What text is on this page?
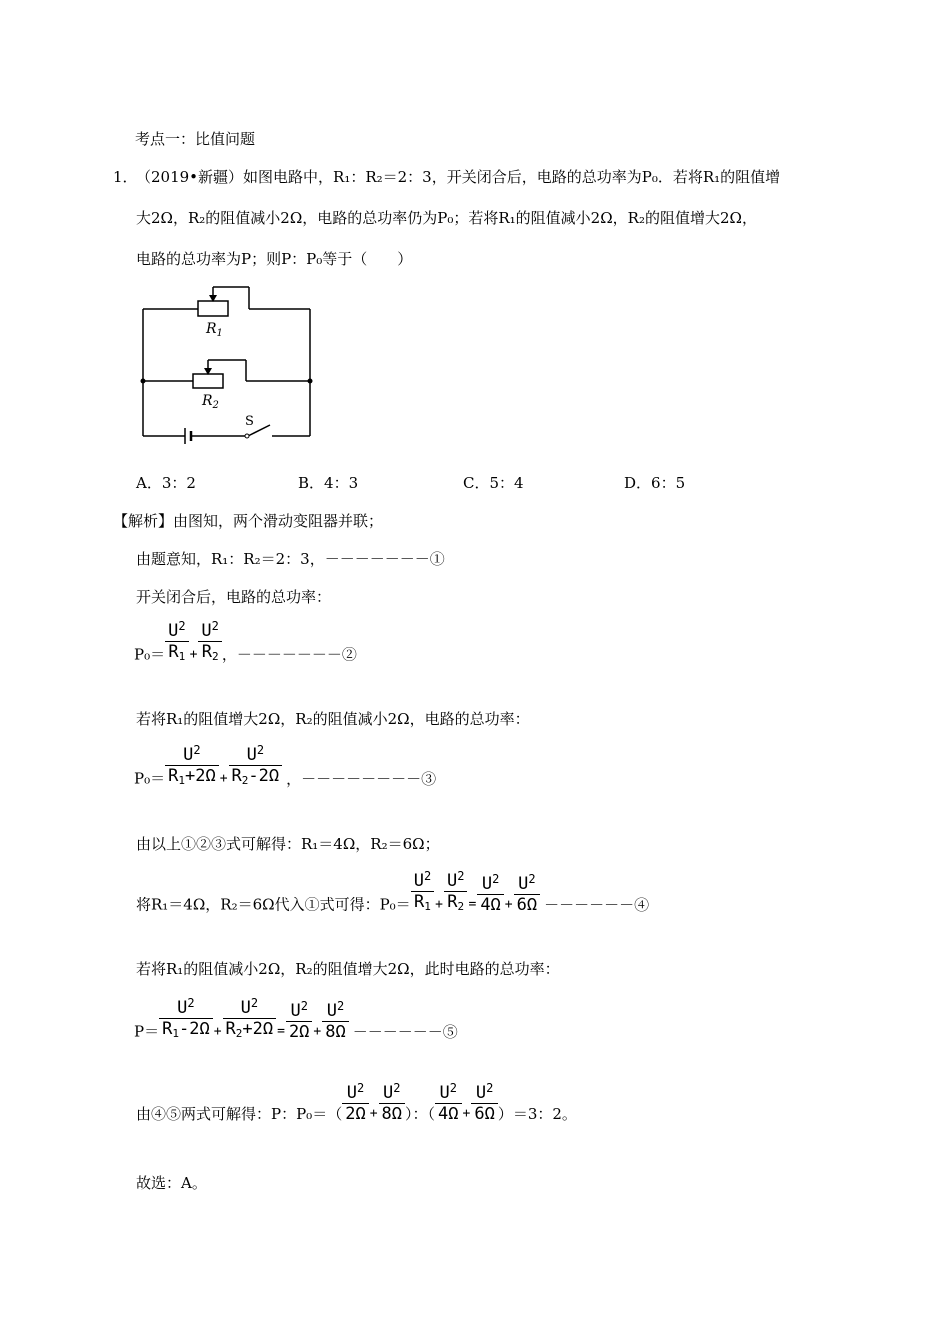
考点一：比值问题
1．
（2019•新疆）如图电路中，R₁：R₂＝2：3，开关闭合后，电路的总功率为P₀．若将R₁的阻值增
大2Ω，R₂的阻值减小2Ω，电路的总功率仍为P₀；若将R₁的阻值减小2Ω，R₂的阻值增大2Ω，
电路的总功率为P；则P：P₀等于（　　）
$R_1$
$R_2$
S
A．3：2	B．4：3	C．5：4	D．6：5
【解析】由图知，两个滑动变阻器并联；
由题意知，R₁：R₂＝2：3，－－－－－－－①
开关闭合后，电路的总功率：
$P_0= \frac{U^2}{R_1} + \frac{U^2}{R_2}$ ，－－－－－－－②
若将R₁的阻值增大2Ω，R₂的阻值减小2Ω，电路的总功率：
$P_0= \frac{U^2}{R_1+2\Omega} + \frac{U^2}{R_2-2\Omega}$ ，－－－－－－－－③
由以上①②③式可解得：R₁＝4Ω，R₂＝6Ω；
将R₁＝4Ω，R₂＝6Ω代入①式可得：$P_0= \frac{U^2}{R_1} + \frac{U^2}{R_2} = \frac{U^2}{4\Omega} + \frac{U^2}{6\Omega}$ －－－－－－④
若将R₁的阻值减小2Ω，R₂的阻值增大2Ω，此时电路的总功率：
$P= \frac{U^2}{R_1-2\Omega} + \frac{U^2}{R_2+2\Omega} = \frac{U^2}{2\Omega} + \frac{U^2}{8\Omega}$ －－－－－－⑤
由④⑤两式可解得：P：$P_0=( \frac{U^2}{2\Omega} + \frac{U^2}{8\Omega}$ ）：（ $\frac{U^2}{4\Omega} + \frac{U^2}{6\Omega} )=3$：2。
故选：A。
